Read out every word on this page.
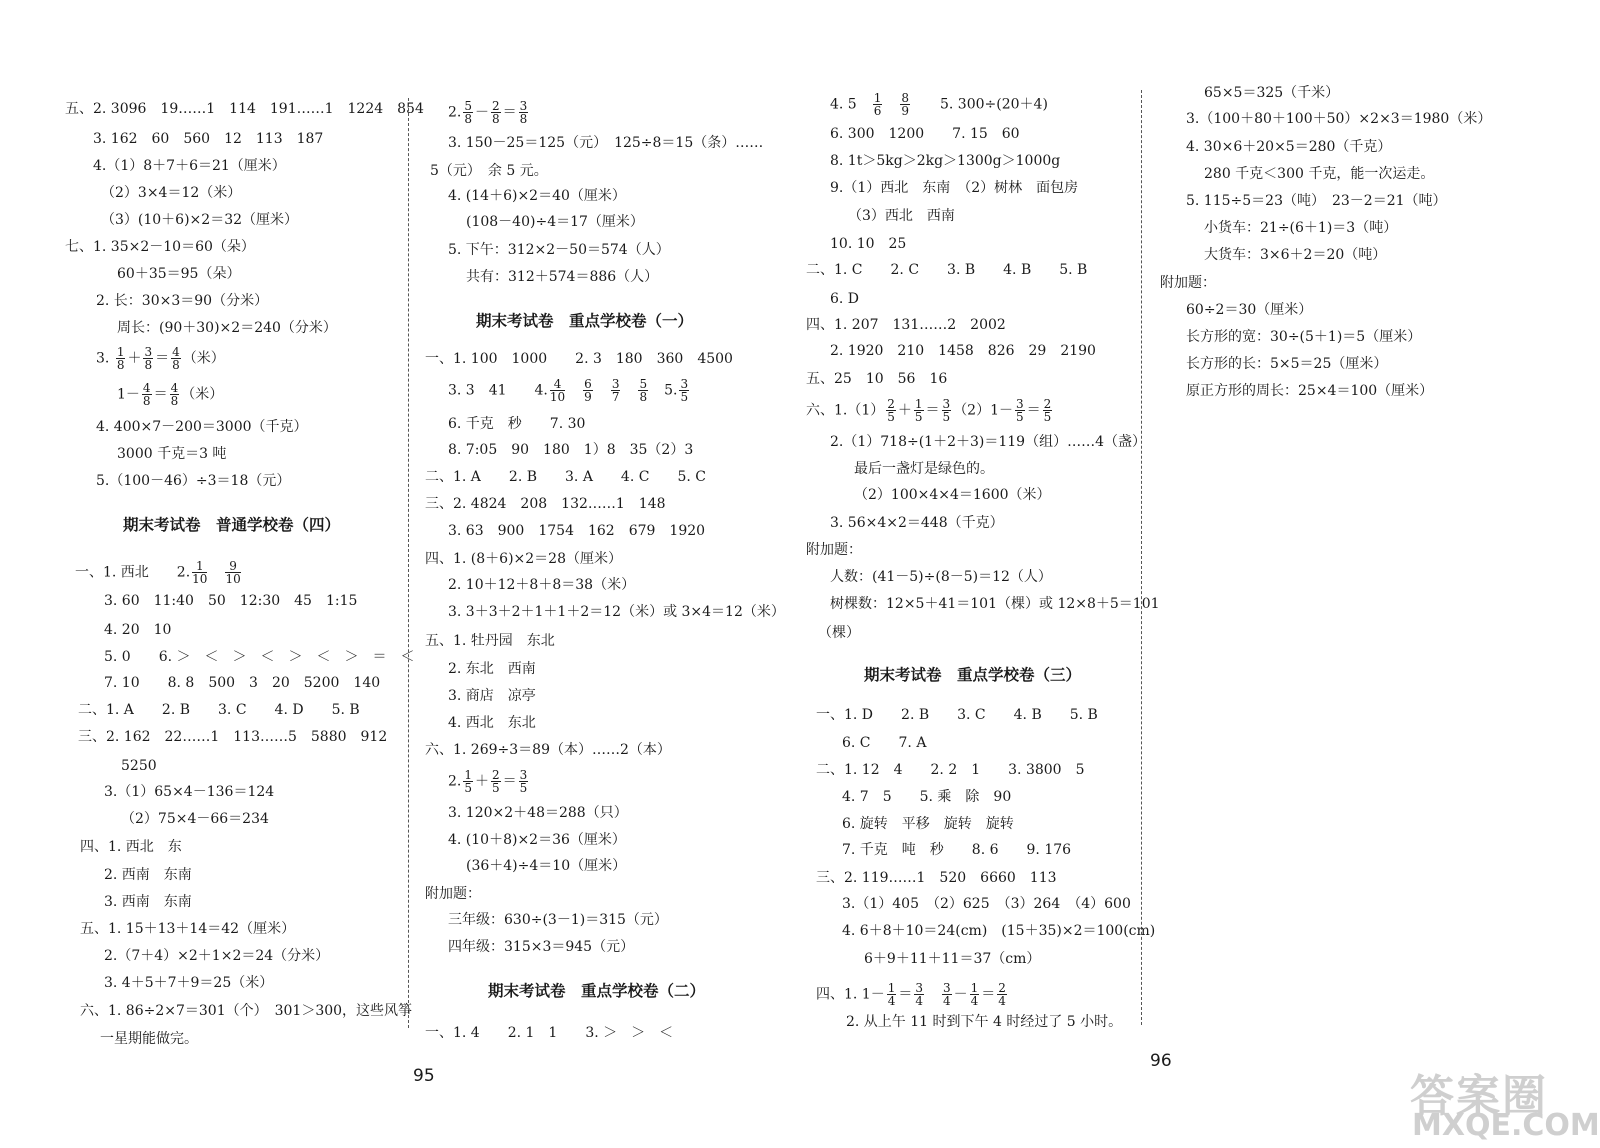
五、2. 3096　19……1　114　191……1　1224　854
3. 162　60　560　12　113　187
4.（1）8＋7＋6＝21（厘米）
（2）3×4＝12（米）
（3）(10＋6)×2＝32（厘米）
七、1. 35×2－10＝60（朵）
60＋35＝95（朵）
2. 长：30×3＝90（分米）
周长：(90＋30)×2＝240（分米）
3. $\frac{1}{8} + \frac{3}{8} = \frac{4}{8}$ （米）
$1- \frac{4}{8} = \frac{4}{8}$ （米）
4. 400×7－200＝3000（千克）
3000 千克＝3 吨
5.（100－46）÷3＝18（元）
期末考试卷　普通学校卷（四）
一、1. 西北　　2. $\frac{1}{10}$
　 $\frac{9}{10}$
3. 60　11:40　50　12:30　45　1:15
4. 20　10
5. 0　　6. ＞　＜　＞　＜　＞　＜　＞　＝　＜
7. 10　　8. 8　500　3　20　5200　140
二、1. A　　2. B　　3. C　　4. D　　5. B
三、2. 162　22……1　113……5　5880　912
5250
3.（1）65×4－136＝124
（2）75×4－66＝234
四、1. 西北　东
2. 西南　东南
3. 西南　东南
五、1. 15＋13＋14＝42（厘米）
2.（7＋4）×2＋1×2＝24（分米）
3. 4＋5＋7＋9＝25（米）
六、1. 86÷2×7＝301（个）　301＞300，这些风筝
一星期能做完。
2. $\frac{5}{8} - \frac{2}{8} = \frac{3}{8}$
3. 150－25＝125（元）　125÷8＝15（条）……
5（元）　余 5 元。
4. (14＋6)×2＝40（厘米）
(108－40)÷4＝17（厘米）
5. 下午：312×2－50＝574（人）
共有：312＋574＝886（人）
期末考试卷　重点学校卷（一）
一、1. 100　1000　　2. 3　180　360　4500
3. 3　41　　4. $\frac{4}{10}$
　 $\frac{6}{9}$
　 $\frac{3}{7}$
　 $\frac{5}{8}$
　 5. $\frac{3}{5}$
6. 千克　秒　　7. 30
8. 7:05　90　180　1）8　35（2）3
二、1. A　　2. B　　3. A　　4. C　　5. C
三、2. 4824　208　132……1　148
3. 63　900　1754　162　679　1920
四、1. (8＋6)×2＝28（厘米）
2. 10＋12＋8＋8＝38（米）
3. 3＋3＋2＋1＋1＋2＝12（米）或 3×4＝12（米）
五、1. 牡丹园　东北
2. 东北　西南
3. 商店　凉亭
4. 西北　东北
六、1. 269÷3＝89（本）……2（本）
2. $\frac{1}{5} + \frac{2}{5} = \frac{3}{5}$
3. 120×2＋48＝288（只）
4. (10＋8)×2＝36（厘米）
(36＋4)÷4＝10（厘米）
附加题：
三年级：630÷(3－1)＝315（元）
四年级：315×3＝945（元）
期末考试卷　重点学校卷（二）
一、1. 4　　2. 1　1　　3. ＞　＞　＜
4. 5　 $\frac{1}{6}$
　 $\frac{8}{9}$
　　 5. 300÷(20＋4)
6. 300　1200　　7. 15　60
8. 1t＞5kg＞2kg＞1300g＞1000g
9.（1）西北　东南　（2）树林　面包房
（3）西北　西南
10. 10　25
二、1. C　　2. C　　3. B　　4. B　　5. B
6. D
四、1. 207　131……2　2002
2. 1920　210　1458　826　29　2190
五、25　10　56　16
六、$1.(1) \frac{2}{5} + \frac{1}{5} = \frac{3}{5} (2)1- \frac{3}{5} = \frac{2}{5}$
2.（1）718÷(1＋2＋3)＝119（组）……4（盏）
最后一盏灯是绿色的。
（2）100×4×4＝1600（米）
3. 56×4×2＝448（千克）
附加题：
人数：(41－5)÷(8－5)＝12（人）
树棵数：12×5＋41＝101（棵）或 12×8＋5＝101
（棵）
期末考试卷　重点学校卷（三）
一、1. D　　2. B　　3. C　　4. B　　5. B
6. C　　7. A
二、1. 12　4　　2. 2　1　　3. 3800　5
4. 7　5　　5. 乘　除　90
6. 旋转　平移　旋转　旋转
7. 千克　吨　秒　　8. 6　　9. 176
三、2. 119……1　520　6660　113
3.（1）405　（2）625　（3）264　（4）600
4. 6＋8＋10＝24(cm)　(15＋35)×2＝100(cm)
6＋9＋11＋11＝37（cm）
四、1. $1- \frac{1}{4} = \frac{3}{4}$
　 $\frac{3}{4} - \frac{1}{4} = \frac{2}{4}$
2. 从上午 11 时到下午 4 时经过了 5 小时。
65×5＝325（千米）
3.（100＋80＋100＋50）×2×3＝1980（米）
4. 30×6＋20×5＝280（千克）
280 千克＜300 千克，能一次运走。
5. 115÷5＝23（吨）　23－2＝21（吨）
小货车：21÷(6＋1)＝3（吨）
大货车：3×6＋2＝20（吨）
附加题：
60÷2＝30（厘米）
长方形的宽：30÷(5＋1)＝5（厘米）
长方形的长：5×5＝25（厘米）
原正方形的周长：25×4＝100（厘米）
95
96
答案圈
MXQE.COM
